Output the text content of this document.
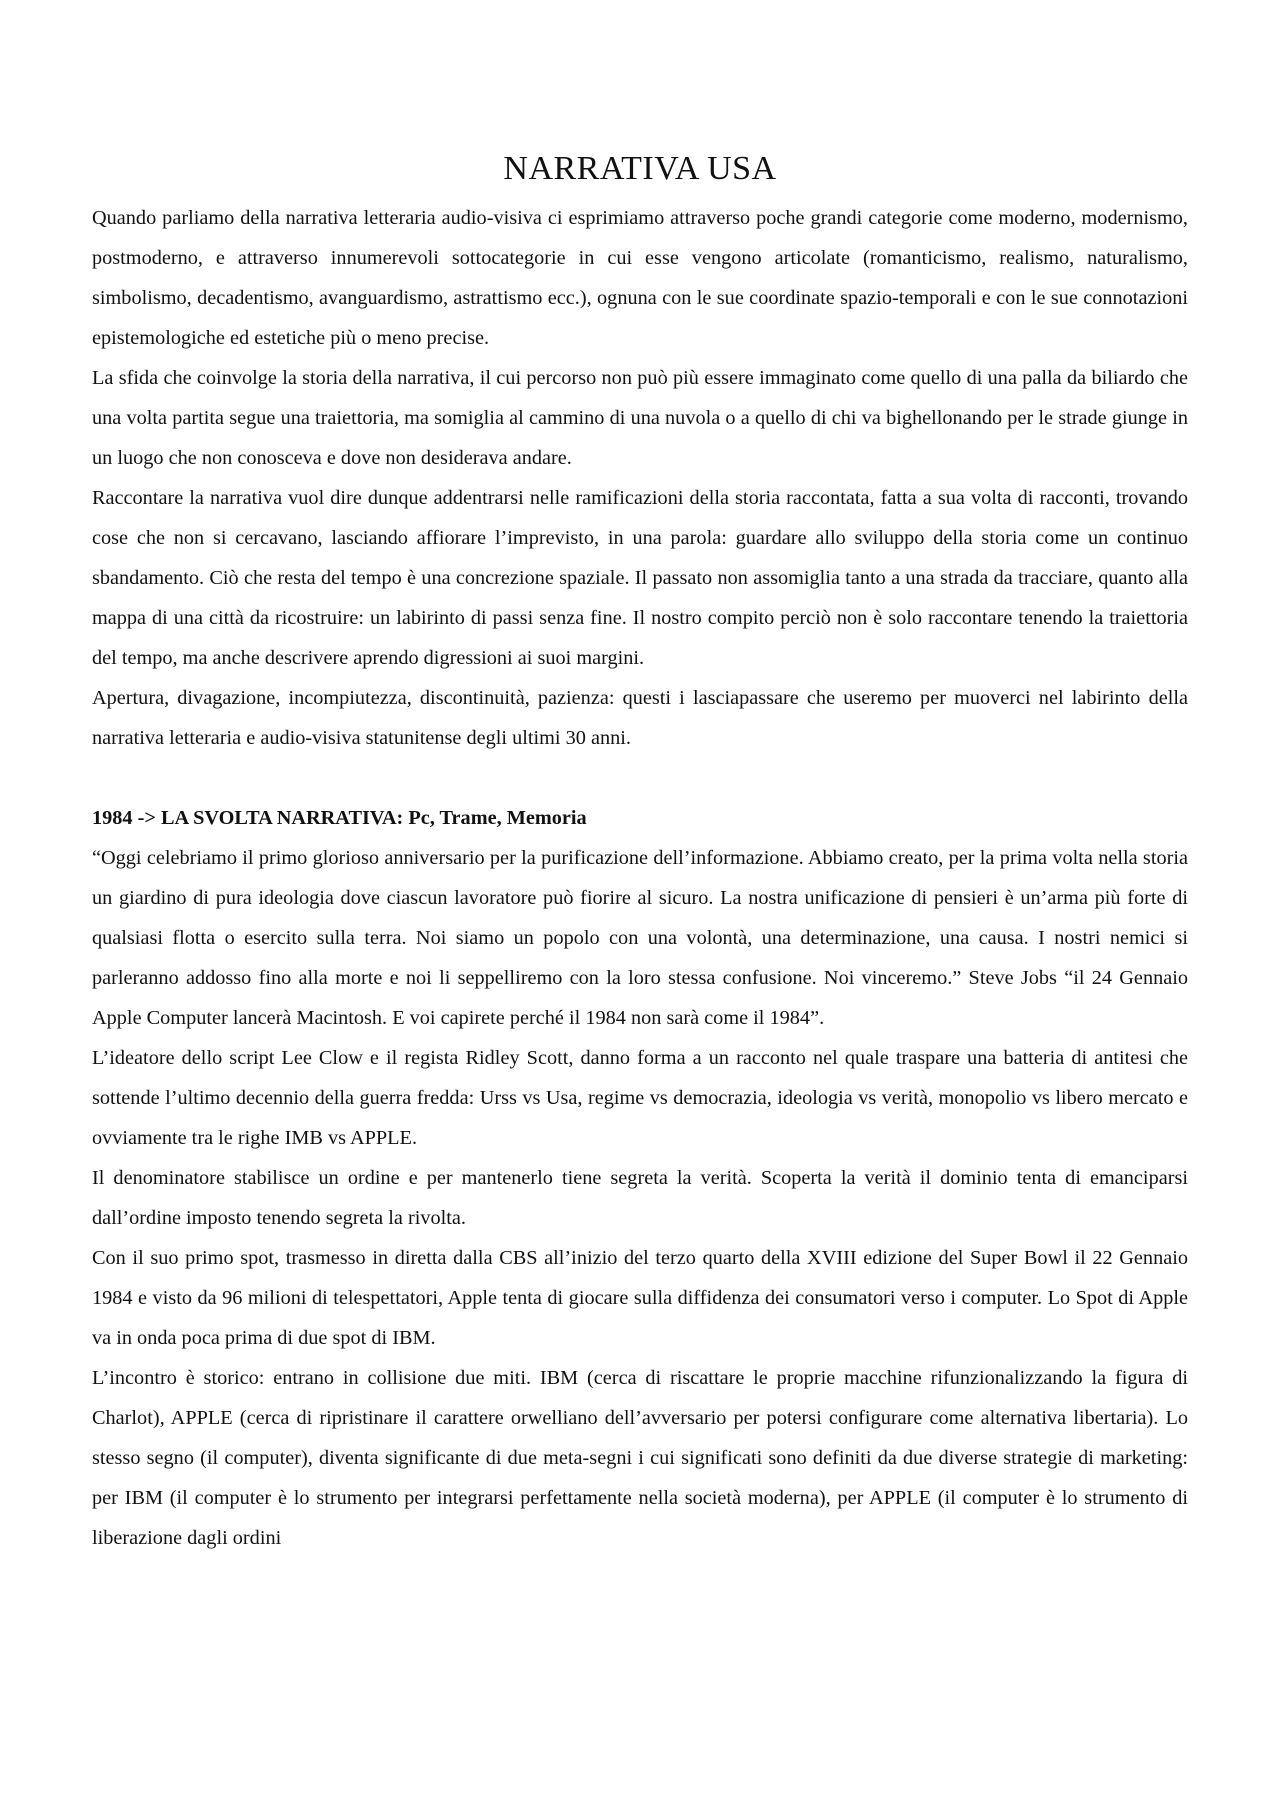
NARRATIVA USA

Quando parliamo della narrativa letteraria audio-visiva ci esprimiamo attraverso poche grandi categorie come moderno, modernismo, postmoderno, e attraverso innumerevoli sottocategorie in cui esse vengono articolate (romanticismo, realismo, naturalismo, simbolismo, decadentismo, avanguardismo, astrattismo ecc.), ognuna con le sue coordinate spazio-temporali e con le sue connotazioni epistemologiche ed estetiche più o meno precise.

La sfida che coinvolge la storia della narrativa, il cui percorso non può più essere immaginato come quello di una palla da biliardo che una volta partita segue una traiettoria, ma somiglia al cammino di una nuvola o a quello di chi va bighellonando per le strade giunge in un luogo che non conosceva e dove non desiderava andare.

Raccontare la narrativa vuol dire dunque addentrarsi nelle ramificazioni della storia raccontata, fatta a sua volta di racconti, trovando cose che non si cercavano, lasciando affiorare l’imprevisto, in una parola: guardare allo sviluppo della storia come un continuo sbandamento. Ciò che resta del tempo è una concrezione spaziale. Il passato non assomiglia tanto a una strada da tracciare, quanto alla mappa di una città da ricostruire: un labirinto di passi senza fine. Il nostro compito perciò non è solo raccontare tenendo la traiettoria del tempo, ma anche descrivere aprendo digressioni ai suoi margini.

Apertura, divagazione, incompiutezza, discontinuità, pazienza: questi i lasciapassare che useremo per muoverci nel labirinto della narrativa letteraria e audio-visiva statunitense degli ultimi 30 anni.

1984 -> LA SVOLTA NARRATIVA: Pc, Trame, Memoria

“Oggi celebriamo il primo glorioso anniversario per la purificazione dell’informazione. Abbiamo creato, per la prima volta nella storia un giardino di pura ideologia dove ciascun lavoratore può fiorire al sicuro. La nostra unificazione di pensieri è un’arma più forte di qualsiasi flotta o esercito sulla terra. Noi siamo un popolo con una volontà, una determinazione, una causa. I nostri nemici si parleranno addosso fino alla morte e noi li seppelliremo con la loro stessa confusione. Noi vinceremo.” Steve Jobs “il 24 Gennaio Apple Computer lancerà Macintosh. E voi capirete perché il 1984 non sarà come il 1984”.

L’ideatore dello script Lee Clow e il regista Ridley Scott, danno forma a un racconto nel quale traspare una batteria di antitesi che sottende l’ultimo decennio della guerra fredda: Urss vs Usa, regime vs democrazia, ideologia vs verità, monopolio vs libero mercato e ovviamente tra le righe IMB vs APPLE.

Il denominatore stabilisce un ordine e per mantenerlo tiene segreta la verità. Scoperta la verità il dominio tenta di emanciparsi dall’ordine imposto tenendo segreta la rivolta.

Con il suo primo spot, trasmesso in diretta dalla CBS all’inizio del terzo quarto della XVIII edizione del Super Bowl il 22 Gennaio 1984 e visto da 96 milioni di telespettatori, Apple tenta di giocare sulla diffidenza dei consumatori verso i computer. Lo Spot di Apple va in onda poca prima di due spot di IBM.

L’incontro è storico: entrano in collisione due miti. IBM (cerca di riscattare le proprie macchine rifunzionalizzando la figura di Charlot), APPLE (cerca di ripristinare il carattere orwelliano dell’avversario per potersi configurare come alternativa libertaria). Lo stesso segno (il computer), diventa significante di due meta-segni i cui significati sono definiti da due diverse strategie di marketing: per IBM (il computer è lo strumento per integrarsi perfettamente nella società moderna), per APPLE (il computer è lo strumento di liberazione dagli ordini
